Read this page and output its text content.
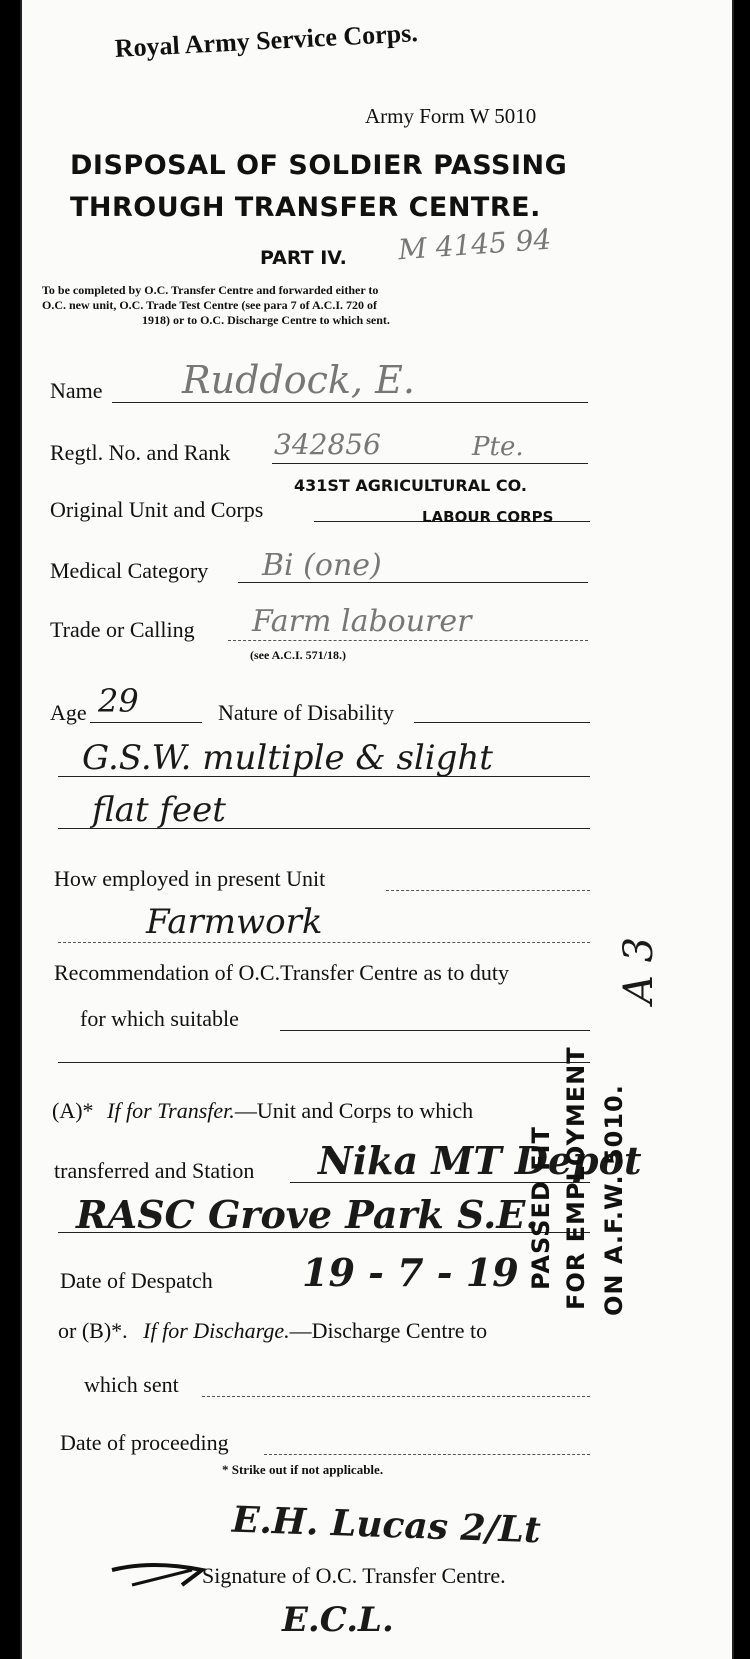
Royal Army Service Corps.
Army Form W 5010
DISPOSAL OF SOLDIER PASSING
THROUGH TRANSFER CENTRE.
PART IV. M 4145 94
To be completed by O.C. Transfer Centre and forwarded either to
O.C. new unit, O.C. Trade Test Centre (see para 7 of A.C.I. 720 of
1918) or to O.C. Discharge Centre to which sent.
Name Ruddock, E.
Regtl. No. and Rank 342856	Pte.
431ST AGRICULTURAL CO.
Original Unit and Corps	LABOUR CORPS
Medical Category Bi (one)
Trade or Calling Farm labourer
(see A.C.I. 571/18.)
Age 29	Nature of Disability
G.S.W. multiple & slight
flat feet
How employed in present Unit
Farmwork
Recommendation of O.C.Transfer Centre as to duty
for which suitable
(A)* If for Transfer.—Unit and Corps to which
transferred and Station Nika MT Depot
RASC Grove Park S.E.
Date of Despatch 19 - 7 - 19
or (B)*. If for Discharge.—Discharge Centre to
which sent
Date of proceeding
* Strike out if not applicable.
E.H. Lucas 2/Lt
Signature of O.C. Transfer Centre.
E.C.L.
PASSED FIT FOR EMPLOYMENT ON A.F.W. 5010.
A 3
